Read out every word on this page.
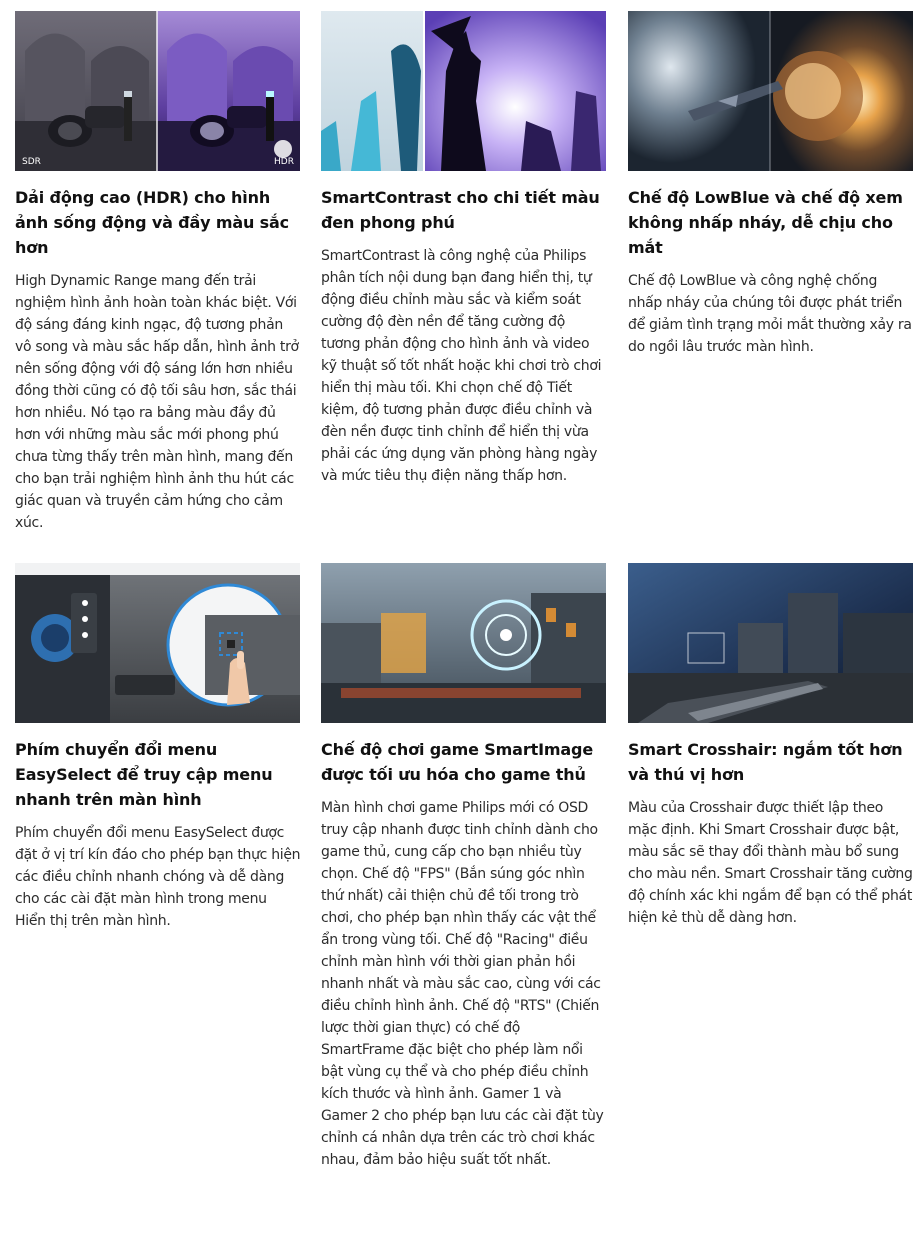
SDR	HDR
Dải động cao (HDR) cho hình ảnh sống động và đầy màu sắc hơn
High Dynamic Range mang đến trải nghiệm hình ảnh hoàn toàn khác biệt. Với độ sáng đáng kinh ngạc, độ tương phản vô song và màu sắc hấp dẫn, hình ảnh trở nên sống động với độ sáng lớn hơn nhiều đồng thời cũng có độ tối sâu hơn, sắc thái hơn nhiều. Nó tạo ra bảng màu đầy đủ hơn với những màu sắc mới phong phú chưa từng thấy trên màn hình, mang đến cho bạn trải nghiệm hình ảnh thu hút các giác quan và truyền cảm hứng cho cảm xúc.
SmartContrast cho chi tiết màu đen phong phú
SmartContrast là công nghệ của Philips phân tích nội dung bạn đang hiển thị, tự động điều chỉnh màu sắc và kiểm soát cường độ đèn nền để tăng cường độ tương phản động cho hình ảnh và video kỹ thuật số tốt nhất hoặc khi chơi trò chơi hiển thị màu tối. Khi chọn chế độ Tiết kiệm, độ tương phản được điều chỉnh và đèn nền được tinh chỉnh để hiển thị vừa phải các ứng dụng văn phòng hàng ngày và mức tiêu thụ điện năng thấp hơn.
Chế độ LowBlue và chế độ xem không nhấp nháy, dễ chịu cho mắt
Chế độ LowBlue và công nghệ chống nhấp nháy của chúng tôi được phát triển để giảm tình trạng mỏi mắt thường xảy ra do ngồi lâu trước màn hình.
Phím chuyển đổi menu EasySelect để truy cập menu nhanh trên màn hình
Phím chuyển đổi menu EasySelect được đặt ở vị trí kín đáo cho phép bạn thực hiện các điều chỉnh nhanh chóng và dễ dàng cho các cài đặt màn hình trong menu Hiển thị trên màn hình.
Chế độ chơi game SmartImage được tối ưu hóa cho game thủ
Màn hình chơi game Philips mới có OSD truy cập nhanh được tinh chỉnh dành cho game thủ, cung cấp cho bạn nhiều tùy chọn. Chế độ "FPS" (Bắn súng góc nhìn thứ nhất) cải thiện chủ đề tối trong trò chơi, cho phép bạn nhìn thấy các vật thể ẩn trong vùng tối. Chế độ "Racing" điều chỉnh màn hình với thời gian phản hồi nhanh nhất và màu sắc cao, cùng với các điều chỉnh hình ảnh. Chế độ "RTS" (Chiến lược thời gian thực) có chế độ SmartFrame đặc biệt cho phép làm nổi bật vùng cụ thể và cho phép điều chỉnh kích thước và hình ảnh. Gamer 1 và Gamer 2 cho phép bạn lưu các cài đặt tùy chỉnh cá nhân dựa trên các trò chơi khác nhau, đảm bảo hiệu suất tốt nhất.
Smart Crosshair: ngắm tốt hơn và thú vị hơn
Màu của Crosshair được thiết lập theo mặc định. Khi Smart Crosshair được bật, màu sắc sẽ thay đổi thành màu bổ sung cho màu nền. Smart Crosshair tăng cường độ chính xác khi ngắm để bạn có thể phát hiện kẻ thù dễ dàng hơn.
